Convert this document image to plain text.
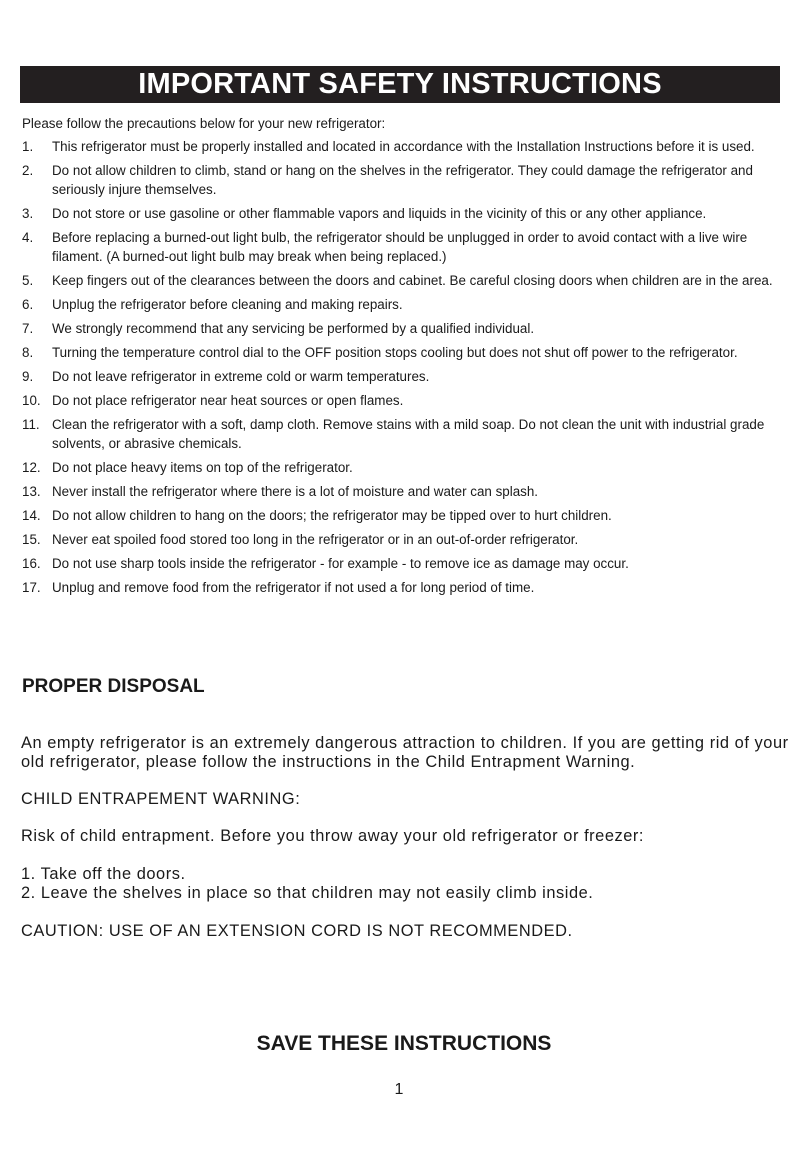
IMPORTANT SAFETY INSTRUCTIONS
Please follow the precautions below for your new refrigerator:
1. This refrigerator must be properly installed and located in accordance with the Installation Instructions before it is used.
2. Do not allow children to climb, stand or hang on the shelves in the refrigerator. They could damage the refrigerator and seriously injure themselves.
3. Do not store or use gasoline or other flammable vapors and liquids in the vicinity of this or any other appliance.
4. Before replacing a burned-out light bulb, the refrigerator should be unplugged in order to avoid contact with a live wire filament. (A burned-out light bulb may break when being replaced.)
5. Keep fingers out of the clearances between the doors and cabinet. Be careful closing doors when children are in the area.
6. Unplug the refrigerator before cleaning and making repairs.
7. We strongly recommend that any servicing be performed by a qualified individual.
8. Turning the temperature control dial to the OFF position stops cooling but does not shut off power to the refrigerator.
9. Do not leave refrigerator in extreme cold or warm temperatures.
10. Do not place refrigerator near heat sources or open flames.
11. Clean the refrigerator with a soft, damp cloth. Remove stains with a mild soap. Do not clean the unit with industrial grade solvents, or abrasive chemicals.
12. Do not place heavy items on top of the refrigerator.
13. Never install the refrigerator where there is a lot of moisture and water can splash.
14. Do not allow children to hang on the doors; the refrigerator may be tipped over to hurt children.
15. Never eat spoiled food stored too long in the refrigerator or in an out-of-order refrigerator.
16. Do not use sharp tools inside the refrigerator - for example - to remove ice as damage may occur.
17. Unplug and remove food from the refrigerator if not used a for long period of time.
PROPER DISPOSAL

An empty refrigerator is an extremely dangerous attraction to children. If you are getting rid of your old refrigerator, please follow the instructions in the Child Entrapment Warning.

CHILD ENTRAPEMENT WARNING:

Risk of child entrapment. Before you throw away your old refrigerator or freezer:

1. Take off the doors.
2. Leave the shelves in place so that children may not easily climb inside.

CAUTION: USE OF AN EXTENSION CORD IS NOT RECOMMENDED.

SAVE THESE INSTRUCTIONS
1
